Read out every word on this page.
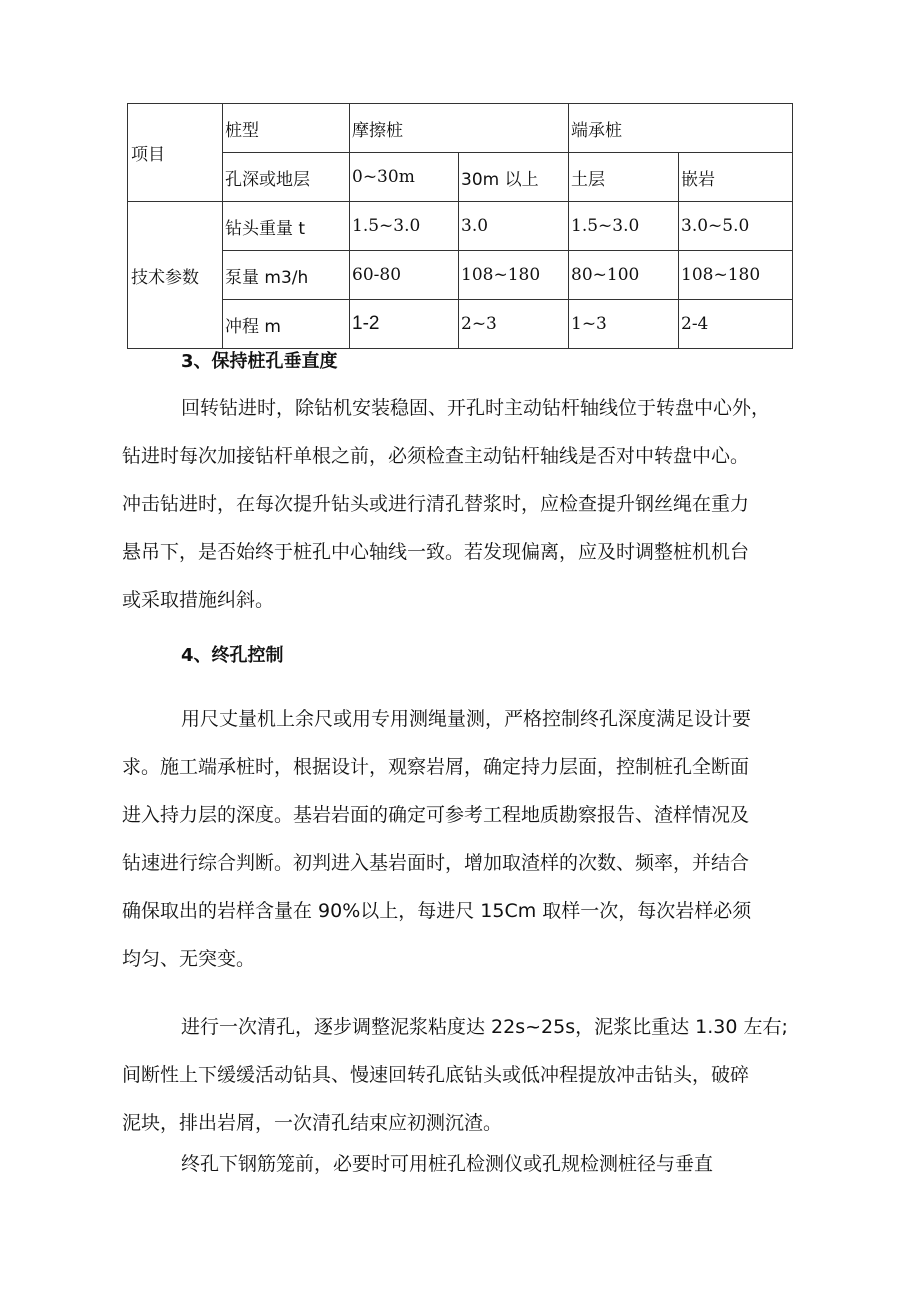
项目	桩型	摩擦桩		端承桩	
	孔深或地层	0~30m	30m 以上	土层	嵌岩
技术参数	钻头重量 t	1.5~3.0	3.0	1.5~3.0	3.0~5.0
	泵量 m3/h	60-80	108~180	80~100	108~180
	冲程 m	1-2	2~3	1~3	2-4
3、保持桩孔垂直度
回转钻进时，除钻机安装稳固、开孔时主动钻杆轴线位于转盘中心外，
钻进时每次加接钻杆单根之前，必须检查主动钻杆轴线是否对中转盘中心。
冲击钻进时，在每次提升钻头或进行清孔替浆时，应检查提升钢丝绳在重力
悬吊下，是否始终于桩孔中心轴线一致。若发现偏离，应及时调整桩机机台
或采取措施纠斜。
4、终孔控制
用尺丈量机上余尺或用专用测绳量测，严格控制终孔深度满足设计要
求。施工端承桩时，根据设计，观察岩屑，确定持力层面，控制桩孔全断面
进入持力层的深度。基岩岩面的确定可参考工程地质勘察报告、渣样情况及
钻速进行综合判断。初判进入基岩面时，增加取渣样的次数、频率，并结合
确保取出的岩样含量在 90%以上，每进尺 15Cm 取样一次，每次岩样必须
均匀、无突变。
进行一次清孔，逐步调整泥浆粘度达 22s~25s，泥浆比重达 1.30 左右;
间断性上下缓缓活动钻具、慢速回转孔底钻头或低冲程提放冲击钻头，破碎
泥块，排出岩屑，一次清孔结束应初测沉渣。
终孔下钢筋笼前，必要时可用桩孔检测仪或孔规检测桩径与垂直
